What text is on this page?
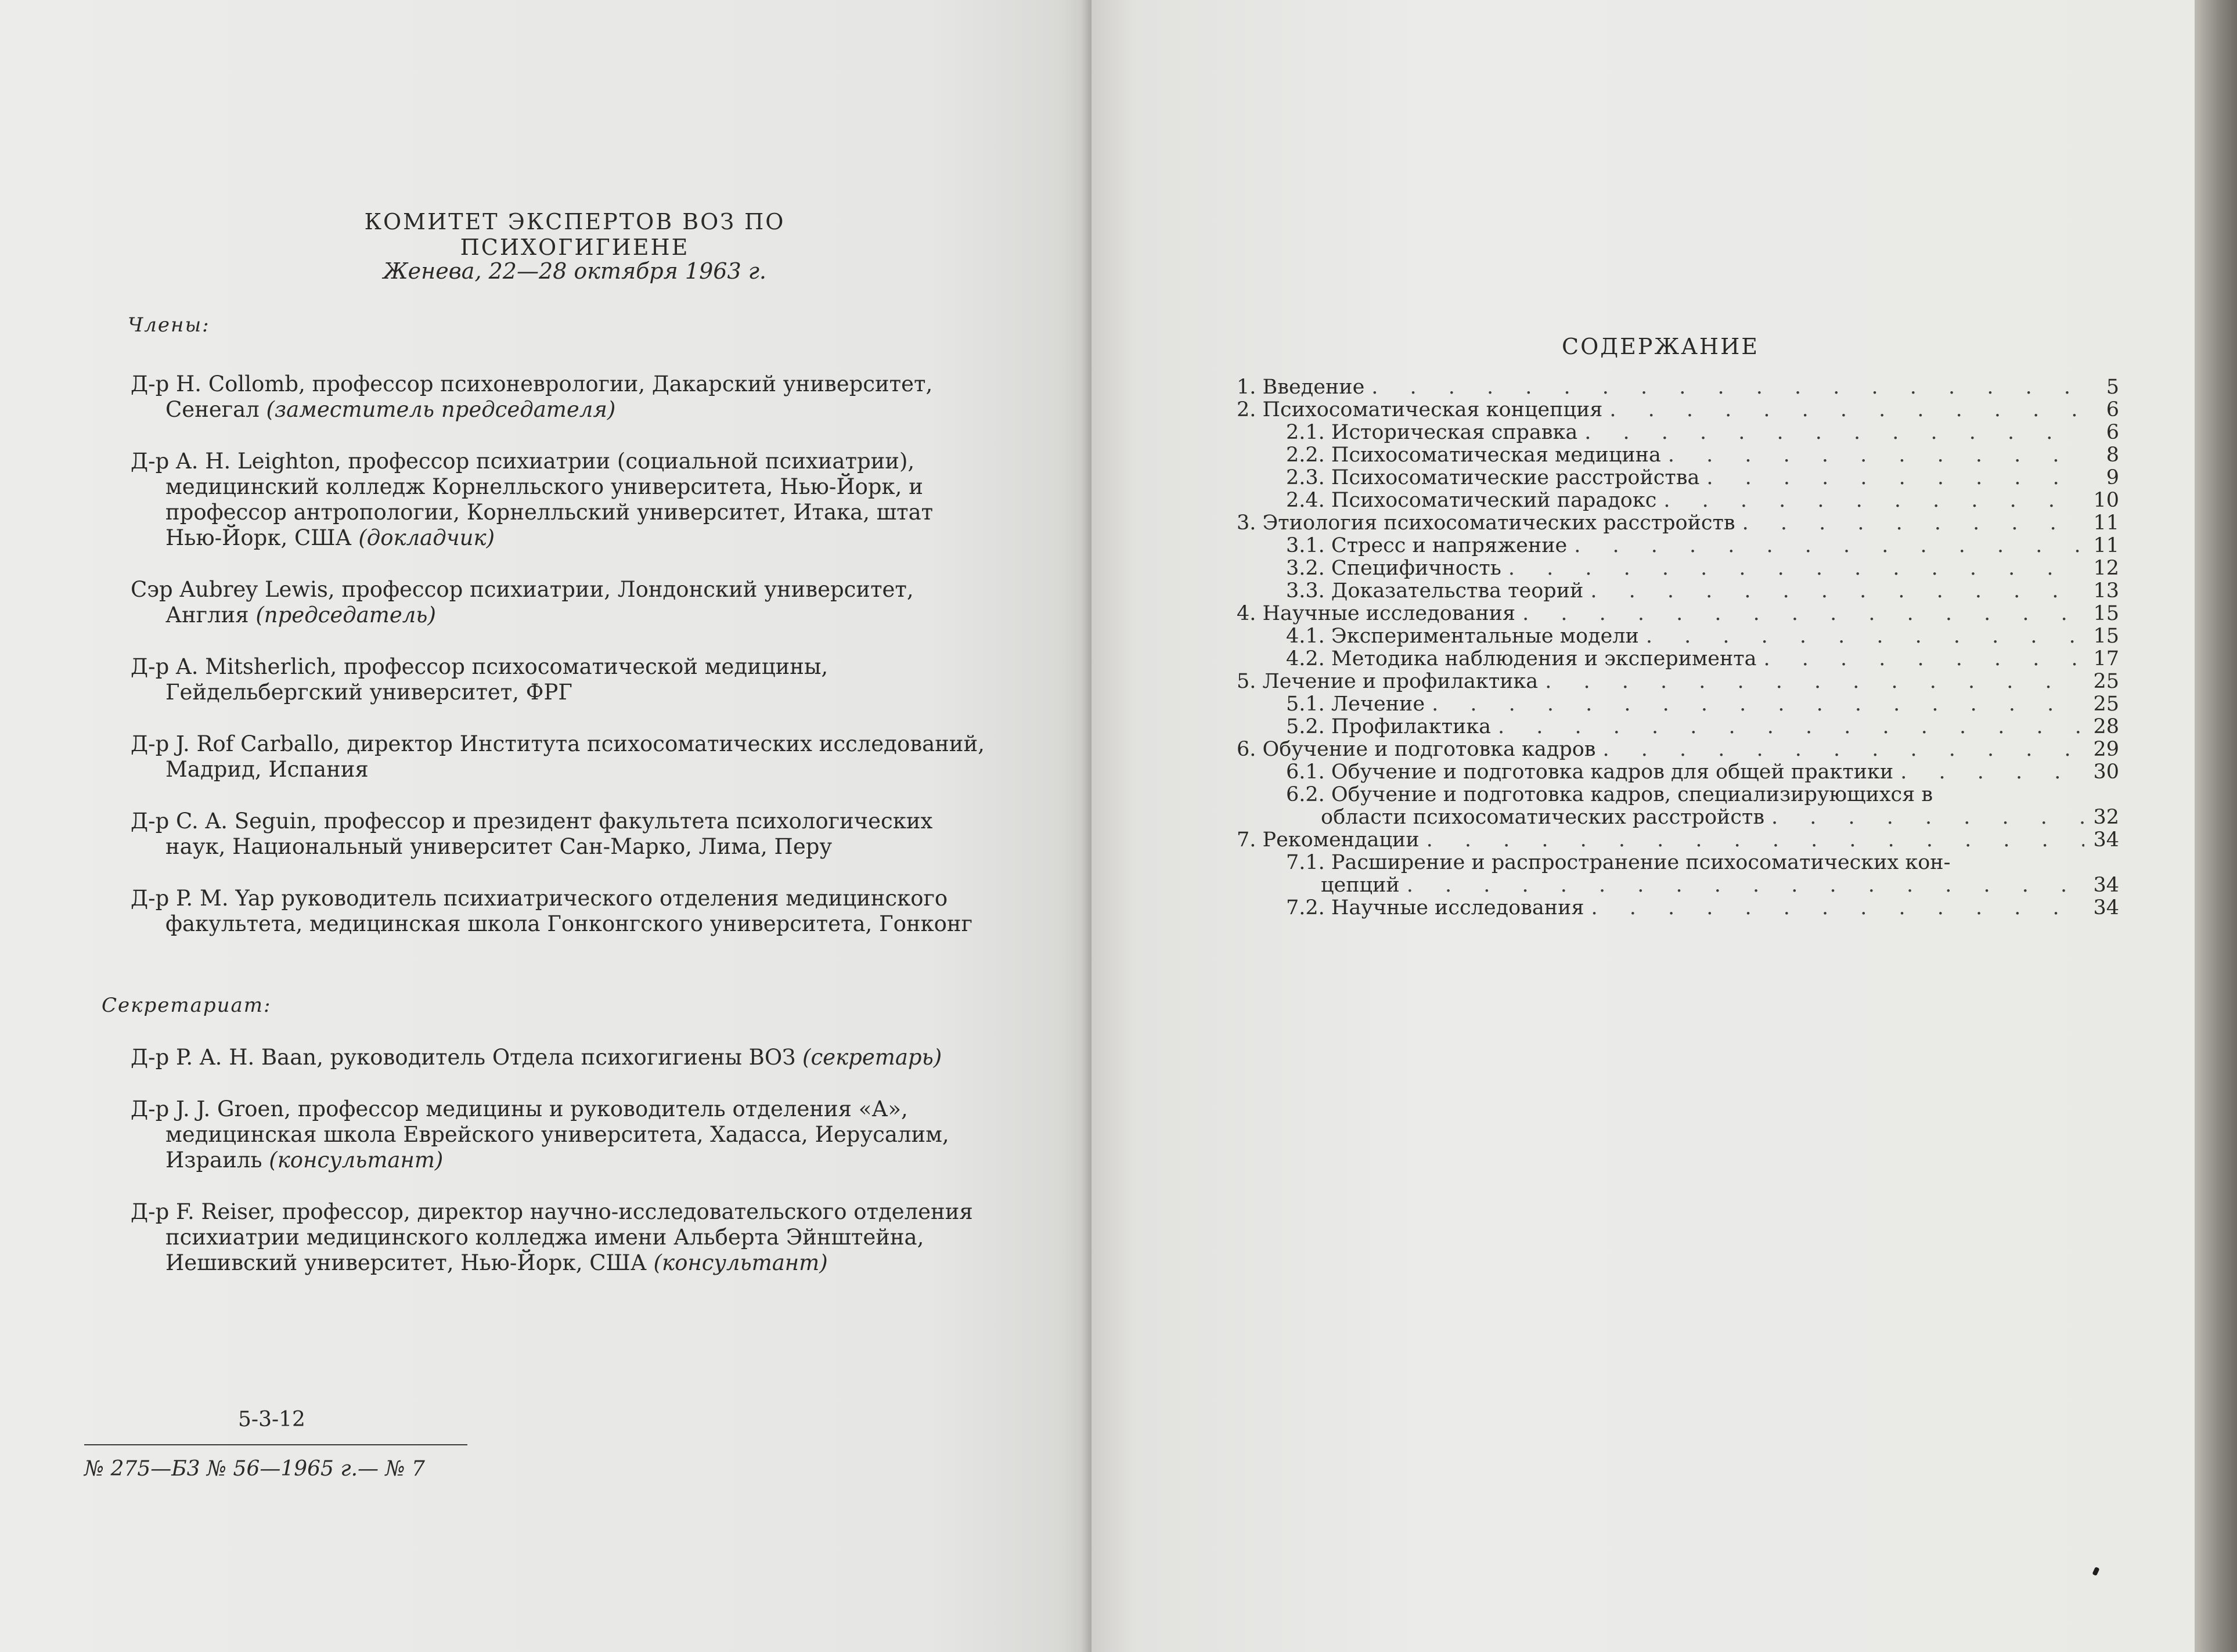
КОМИТЕТ ЭКСПЕРТОВ ВОЗ ПО ПСИХОГИГИЕНЕ
Женева, 22—28 октября 1963 г.
Члены:
Д-р H. Collomb, профессор психоневрологии, Дакарский университет, Сенегал (заместитель председателя)
Д-р A. H. Leighton, профессор психиатрии (социальной психиатрии), медицинский колледж Корнелльского университета, Нью-Йорк, и профессор антропологии, Корнелльский университет, Итака, штат Нью-Йорк, США (докладчик)
Сэр Aubrey Lewis, профессор психиатрии, Лондонский университет, Англия (председатель)
Д-р A. Mitsherlich, профессор психосоматической медицины, Гейдельбергский университет, ФРГ
Д-р J. Rof Carballo, директор Института психосоматических исследований, Мадрид, Испания
Д-р C. A. Seguin, профессор и президент факультета психологических наук, Национальный университет Сан-Марко, Лима, Перу
Д-р P. M. Yap руководитель психиатрического отделения медицинского факультета, медицинская школа Гонконгского университета, Гонконг
Секретариат:
Д-р P. A. H. Baan, руководитель Отдела психогигиены ВОЗ (секретарь)
Д-р J. J. Groen, профессор медицины и руководитель отделения «А», медицинская школа Еврейского университета, Хадасса, Иерусалим, Израиль (консультант)
Д-р F. Reiser, профессор, директор научно-исследовательского отделения психиатрии медицинского колледжа имени Альберта Эйнштейна, Иешивский университет, Нью-Йорк, США (консультант)
5-3-12
№ 275—Б3 № 56—1965 г.— № 7
СОДЕРЖАНИЕ
1. Введение . . .	5
2. Психосоматическая концепция . . .	6
2.1. Историческая справка . . .	6
2.2. Психосоматическая медицина . . .	8
2.3. Психосоматические расстройства . . .	9
2.4. Психосоматический парадокс . . .	10
3. Этиология психосоматических расстройств . . .	11
3.1. Стресс и напряжение . . .	11
3.2. Специфичность . . .	12
3.3. Доказательства теорий . . .	13
4. Научные исследования . . .	15
4.1. Экспериментальные модели . . .	15
4.2. Методика наблюдения и эксперимента . . .	17
5. Лечение и профилактика . . .	25
5.1. Лечение . . .	25
5.2. Профилактика . . .	28
6. Обучение и подготовка кадров . . .	29
6.1. Обучение и подготовка кадров для общей практики . . .	30
6.2. Обучение и подготовка кадров, специализирующихся в
области психосоматических расстройств . . .	32
7. Рекомендации . . .	34
7.1. Расширение и распространение психосоматических кон-
цепций . . .	34
7.2. Научные исследования . . .	34
